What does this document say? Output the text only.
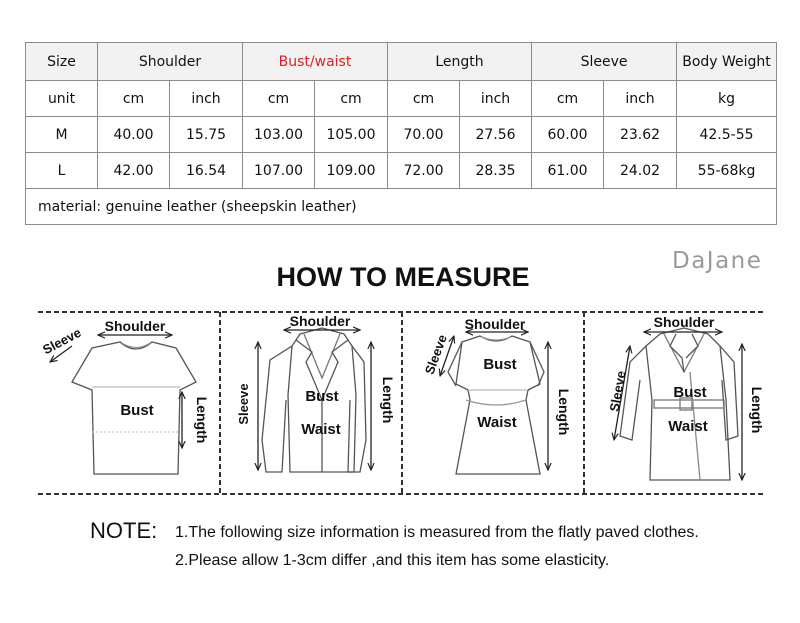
Size	Shoulder		Bust/waist		Length		Sleeve		Body Weight
unit	cm	inch	cm	cm	cm	inch	cm	inch	kg
M	40.00	15.75	103.00	105.00	70.00	27.56	60.00	23.62	42.5-55
L	42.00	16.54	107.00	109.00	72.00	28.35	61.00	24.02	55-68kg
material: genuine leather (sheepskin leather)									
DaJane
HOW TO MEASURE
Shoulder
Sleeve
Bust	Length
Shoulder
Sleeve	Bust
Waist
Length
Shoulder
Sleeve Bust
Waist	Length
Shoulder
Sleeve	Bust
Waist	Length
NOTE: 1.The following size information is measured from the flatly paved clothes.
2.Please allow 1-3cm differ ,and this item has some elasticity.
